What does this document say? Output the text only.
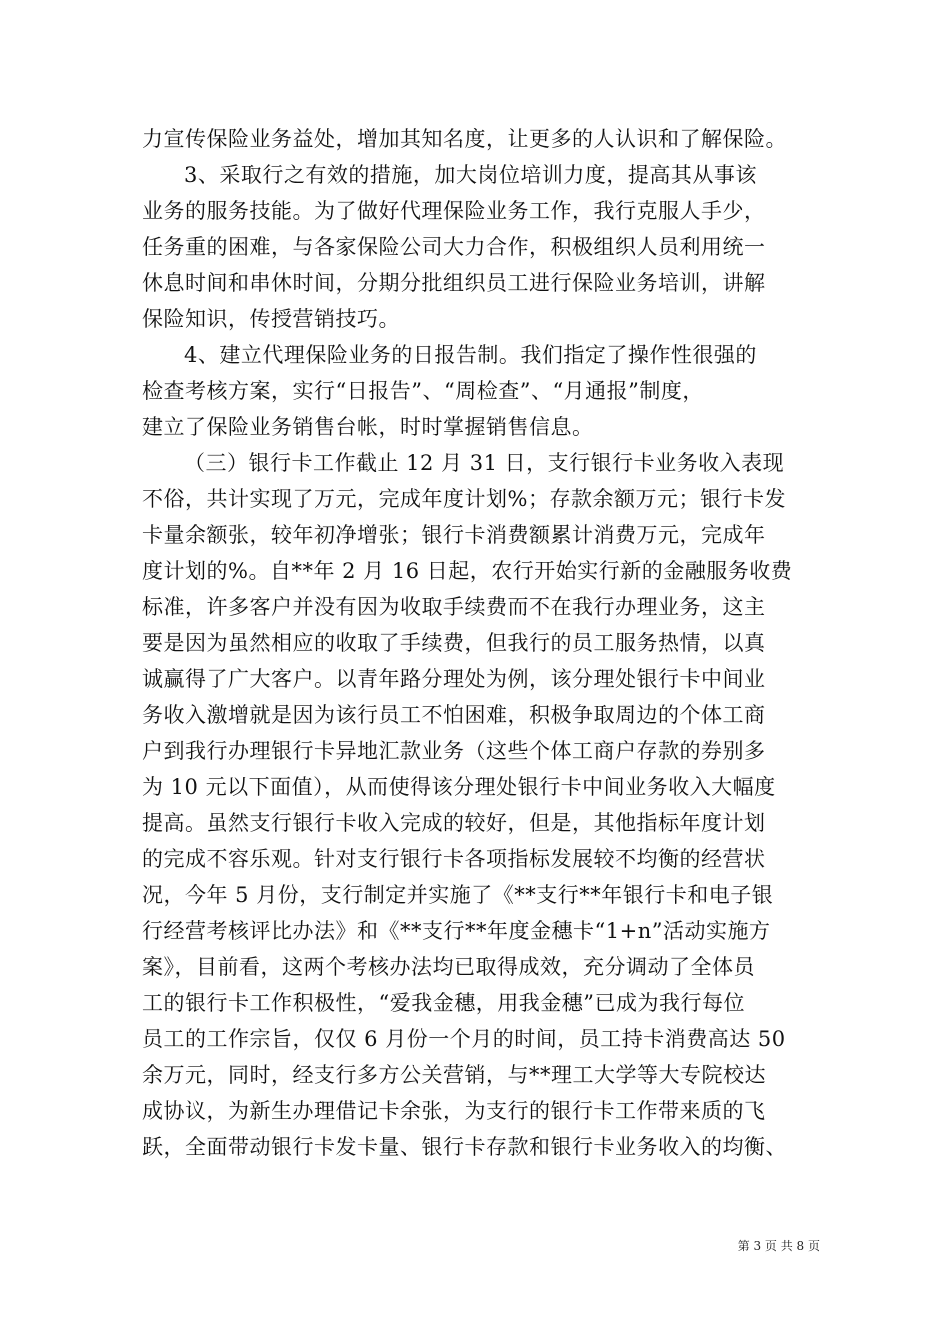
力宣传保险业务益处，增加其知名度，让更多的人认识和了解保险。
3、采取行之有效的措施，加大岗位培训力度，提高其从事该
业务的服务技能。为了做好代理保险业务工作，我行克服人手少，
任务重的困难，与各家保险公司大力合作，积极组织人员利用统一
休息时间和串休时间，分期分批组织员工进行保险业务培训，讲解
保险知识，传授营销技巧。
4、建立代理保险业务的日报告制。我们指定了操作性很强的
检查考核方案，实行“日报告”、“周检查”、“月通报”制度，
建立了保险业务销售台帐，时时掌握销售信息。
（三）银行卡工作截止 12 月 31 日，支行银行卡业务收入表现
不俗，共计实现了万元，完成年度计划%；存款余额万元；银行卡发
卡量余额张，较年初净增张；银行卡消费额累计消费万元，完成年
度计划的%。自**年 2 月 16 日起，农行开始实行新的金融服务收费
标准，许多客户并没有因为收取手续费而不在我行办理业务，这主
要是因为虽然相应的收取了手续费，但我行的员工服务热情，以真
诚赢得了广大客户。以青年路分理处为例，该分理处银行卡中间业
务收入激增就是因为该行员工不怕困难，积极争取周边的个体工商
户到我行办理银行卡异地汇款业务（这些个体工商户存款的券别多
为 10 元以下面值），从而使得该分理处银行卡中间业务收入大幅度
提高。虽然支行银行卡收入完成的较好，但是，其他指标年度计划
的完成不容乐观。针对支行银行卡各项指标发展较不均衡的经营状
况，今年 5 月份，支行制定并实施了《**支行**年银行卡和电子银
行经营考核评比办法》和《**支行**年度金穗卡“1+n”活动实施方
案》，目前看，这两个考核办法均已取得成效，充分调动了全体员
工的银行卡工作积极性，“爱我金穗，用我金穗”已成为我行每位
员工的工作宗旨，仅仅 6 月份一个月的时间，员工持卡消费高达 50
余万元，同时，经支行多方公关营销，与**理工大学等大专院校达
成协议，为新生办理借记卡余张，为支行的银行卡工作带来质的飞
跃，全面带动银行卡发卡量、银行卡存款和银行卡业务收入的均衡、
第 3 页 共 8 页
